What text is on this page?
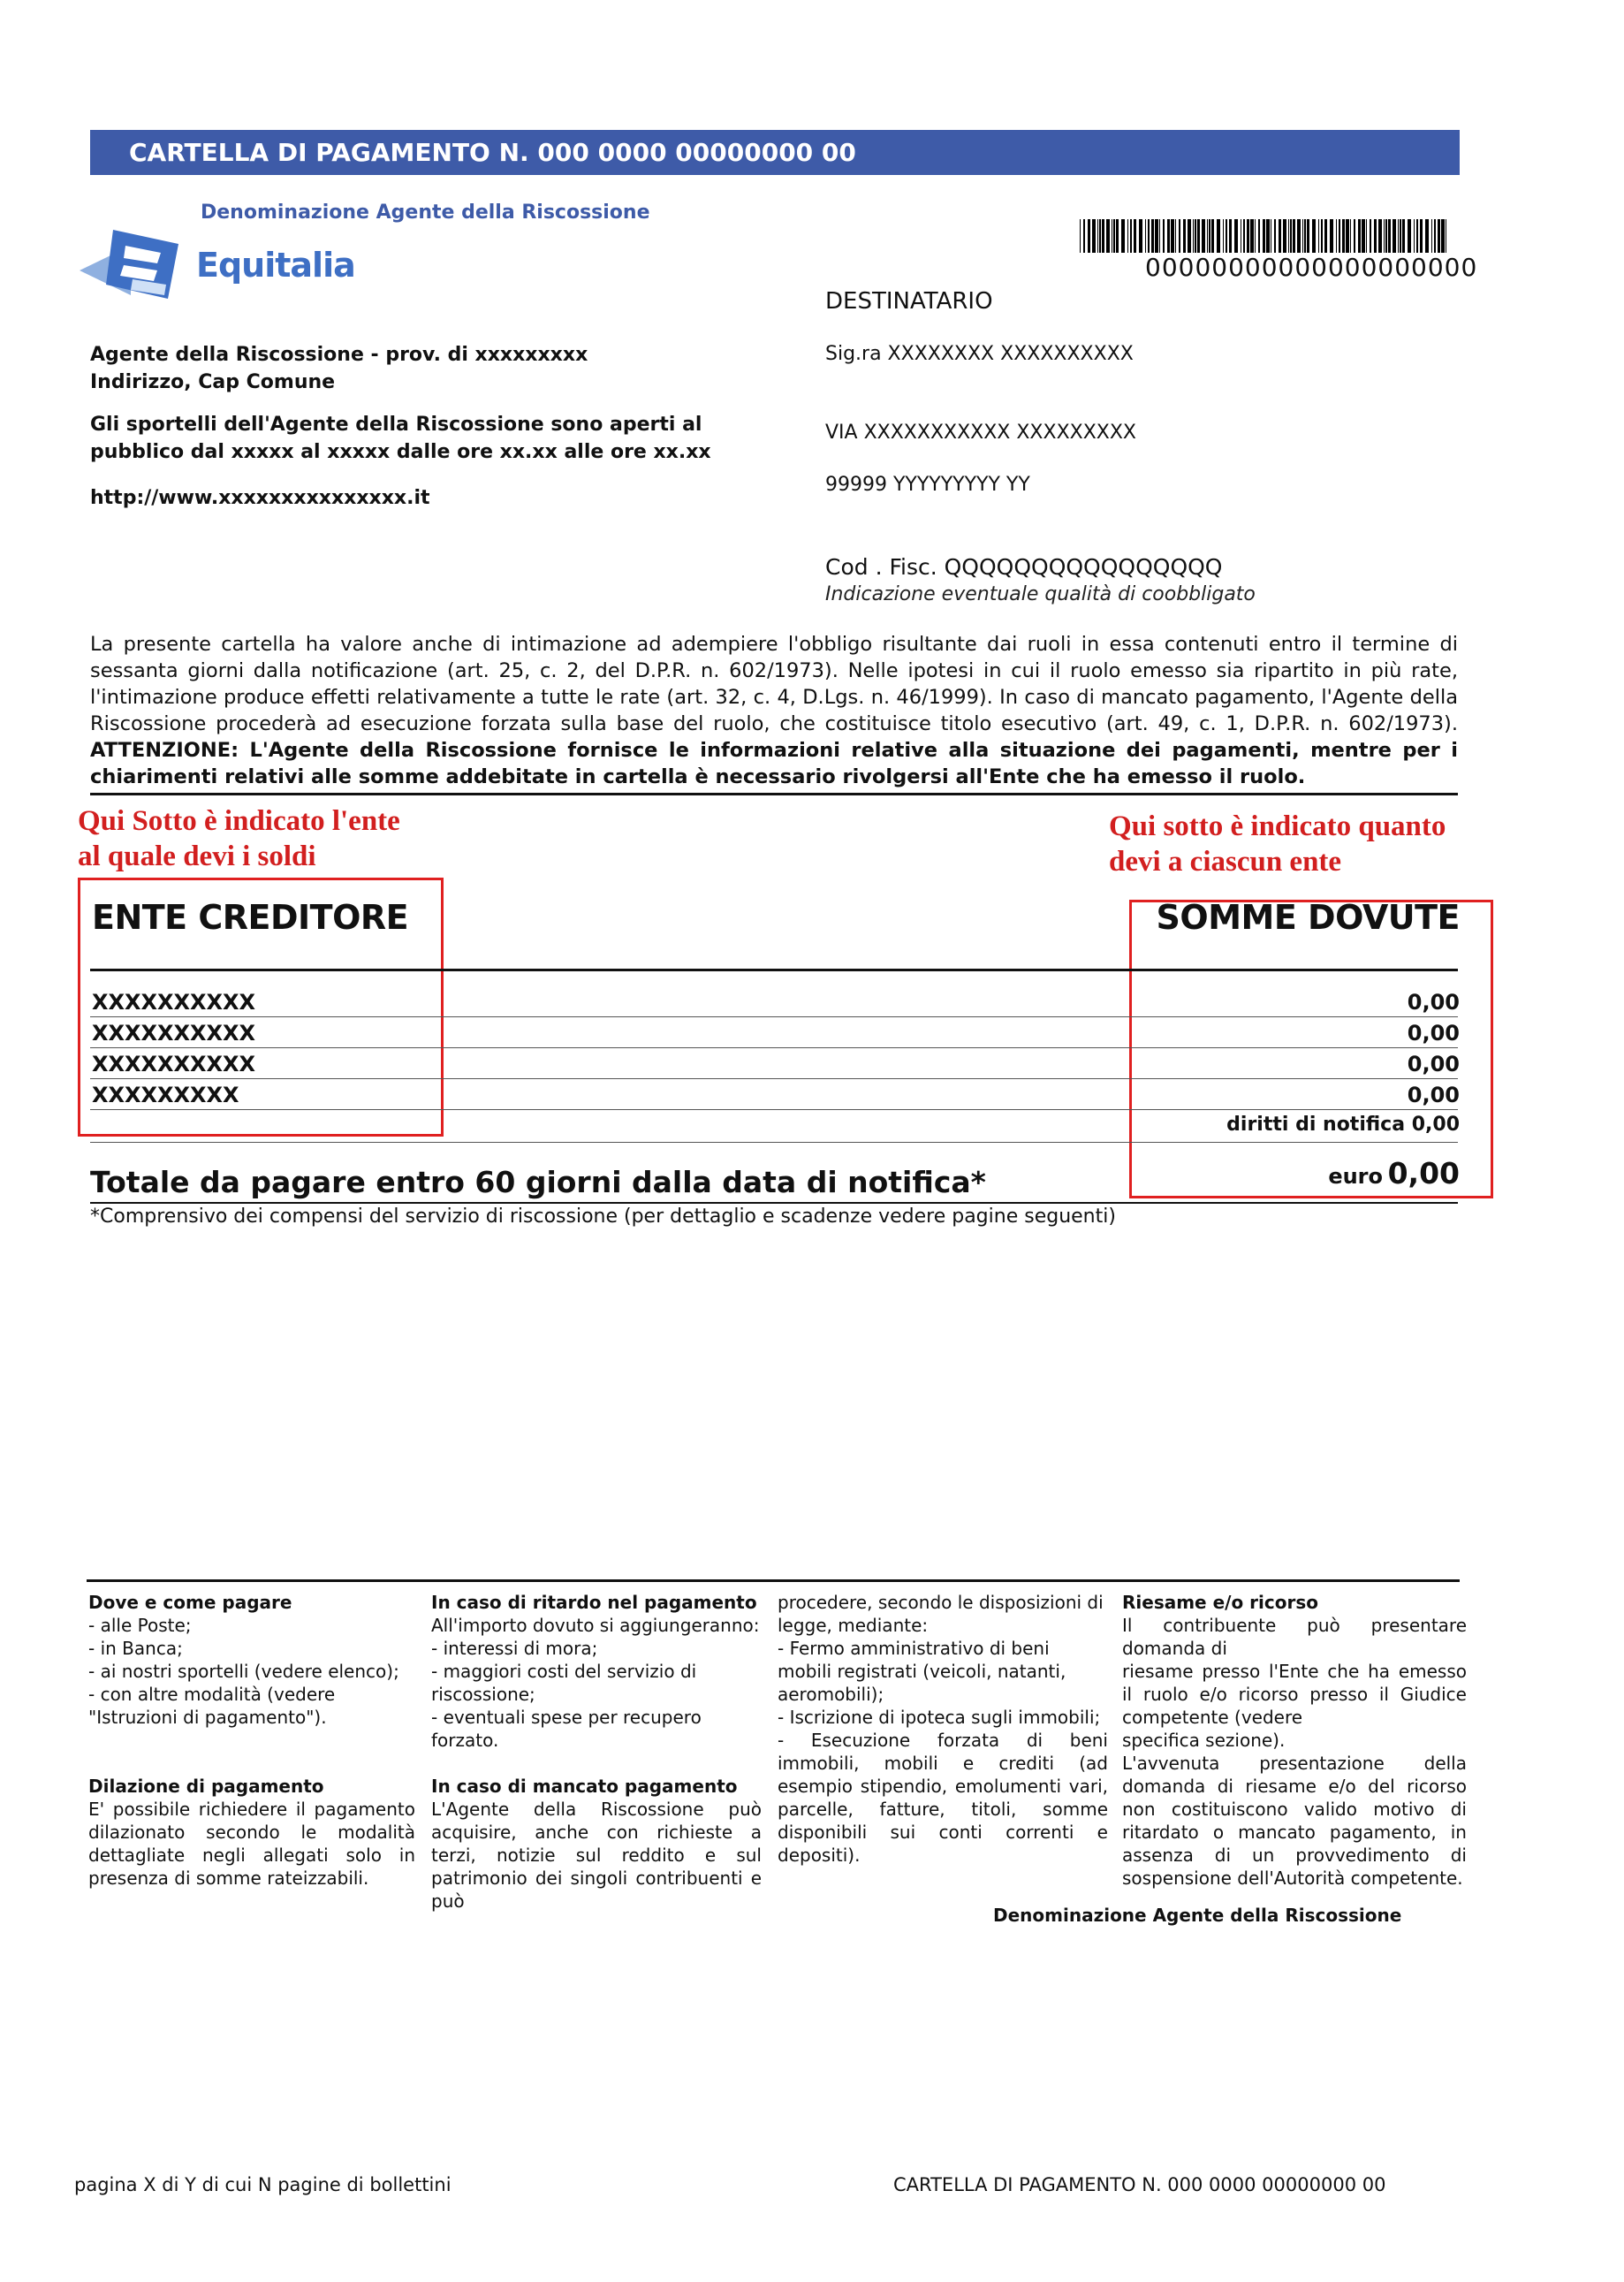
CARTELLA DI PAGAMENTO N. 000 0000 00000000 00
Denominazione Agente della Riscossione
Equitalia	00000000000000000000
DESTINATARIO
Sig.ra XXXXXXXX XXXXXXXXXX
VIA XXXXXXXXXXX XXXXXXXXX
99999 YYYYYYYYY YY
Cod . Fisc. QQQQQQQQQQQQQQQQ
Indicazione eventuale qualità di coobbligato
Agente della Riscossione - prov. di xxxxxxxxx
Indirizzo, Cap Comune
Gli sportelli dell'Agente della Riscossione sono aperti al
pubblico dal xxxxx al xxxxx dalle ore xx.xx alle ore xx.xx
http://www.xxxxxxxxxxxxxxx.it
La presente cartella ha valore anche di intimazione ad adempiere l'obbligo risultante dai ruoli in essa contenuti entro il termine di sessanta giorni dalla notificazione (art. 25, c. 2, del D.P.R. n. 602/1973). Nelle ipotesi in cui il ruolo emesso sia ripartito in più rate, l'intimazione produce effetti relativamente a tutte le rate (art. 32, c. 4, D.Lgs. n. 46/1999). In caso di mancato pagamento, l'Agente della Riscossione procederà ad esecuzione forzata sulla base del ruolo, che costituisce titolo esecutivo (art. 49, c. 1, D.P.R. n. 602/1973). ATTENZIONE: L'Agente della Riscossione fornisce le informazioni relative alla situazione dei pagamenti, mentre per i chiarimenti relativi alle somme addebitate in cartella è necessario rivolgersi all'Ente che ha emesso il ruolo.
Qui Sotto è indicato l'ente
al quale devi i soldi
Qui sotto è indicato quanto
devi a ciascun ente
ENTE CREDITORE	SOMME DOVUTE
XXXXXXXXXX	0,00
XXXXXXXXXX	0,00
XXXXXXXXXX	0,00
XXXXXXXXX	0,00
diritti di notifica 0,00
Totale da pagare entro 60 giorni dalla data di notifica*	euro 0,00
*Comprensivo dei compensi del servizio di riscossione (per dettaglio e scadenze vedere pagine seguenti)

Dove e come pagare

- alle Poste;

- in Banca;

- ai nostri sportelli (vedere elenco);

- con altre modalità (vedere

"Istruzioni di pagamento").

Dilazione di pagamento

E' possibile richiedere il pagamento dilazionato secondo le modalità dettagliate negli allegati solo in presenza di somme rateizzabili.

In caso di ritardo nel pagamento

All'importo dovuto si aggiungeranno:

- interessi di mora;

- maggiori costi del servizio di

riscossione;

- eventuali spese per recupero

forzato.

In caso di mancato pagamento

L'Agente della Riscossione può acquisire, anche con richieste a terzi, notizie sul reddito e sul patrimonio dei singoli contribuenti e può

procedere, secondo le disposizioni di

legge, mediante:

- Fermo amministrativo di beni

mobili registrati (veicoli, natanti,

aeromobili);

- Iscrizione di ipoteca sugli immobili;

- Esecuzione forzata di beni immobili, mobili e crediti (ad esempio stipendio, emolumenti vari, parcelle, fatture, titoli, somme disponibili sui conti correnti e depositi).

Riesame e/o ricorso

Il contribuente può presentare domanda di

riesame presso l'Ente che ha emesso il ruolo e/o ricorso presso il Giudice competente (vedere

specifica sezione).

L'avvenuta presentazione della domanda di riesame e/o del ricorso non costituiscono valido motivo di ritardato o mancato pagamento, in assenza di un provvedimento di sospensione dell'Autorità competente.

Denominazione Agente della Riscossione
pagina X di Y di cui N pagine di bollettini	CARTELLA DI PAGAMENTO N. 000 0000 00000000 00
